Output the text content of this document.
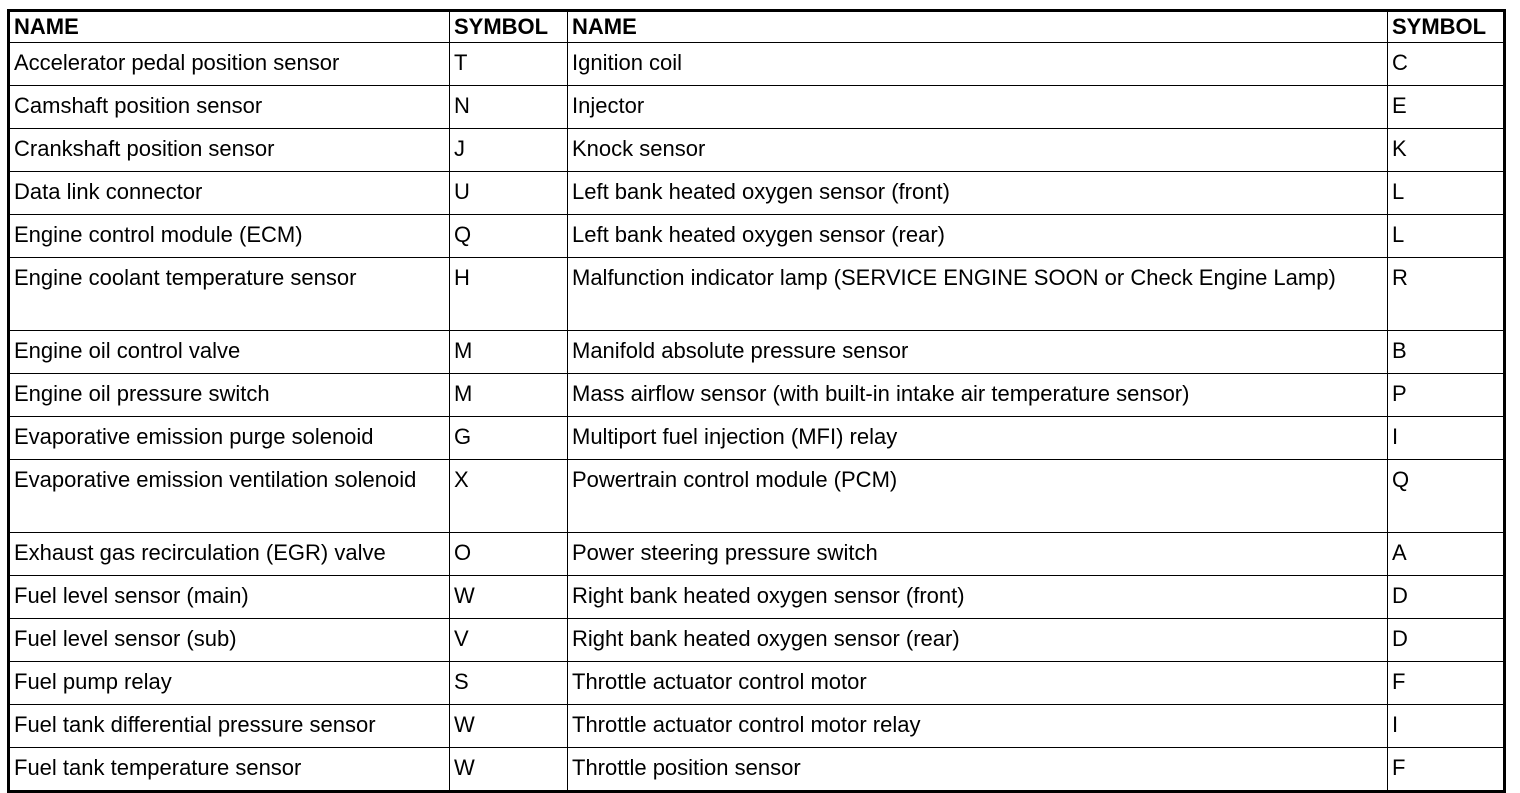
NAME	SYMBOL	NAME	SYMBOL
Accelerator pedal position sensor	T	Ignition coil	C
Camshaft position sensor	N	Injector	E
Crankshaft position sensor	J	Knock sensor	K
Data link connector	U	Left bank heated oxygen sensor (front)	L
Engine control module (ECM)	Q	Left bank heated oxygen sensor (rear)	L
Engine coolant temperature sensor	H	Malfunction indicator lamp (SERVICE ENGINE SOON or Check Engine Lamp)	R
Engine oil control valve	M	Manifold absolute pressure sensor	B
Engine oil pressure switch	M	Mass airflow sensor (with built-in intake air temperature sensor)	P
Evaporative emission purge solenoid	G	Multiport fuel injection (MFI) relay	I
Evaporative emission ventilation solenoid	X	Powertrain control module (PCM)	Q
Exhaust gas recirculation (EGR) valve	O	Power steering pressure switch	A
Fuel level sensor (main)	W	Right bank heated oxygen sensor (front)	D
Fuel level sensor (sub)	V	Right bank heated oxygen sensor (rear)	D
Fuel pump relay	S	Throttle actuator control motor	F
Fuel tank differential pressure sensor	W	Throttle actuator control motor relay	I
Fuel tank temperature sensor	W	Throttle position sensor	F
